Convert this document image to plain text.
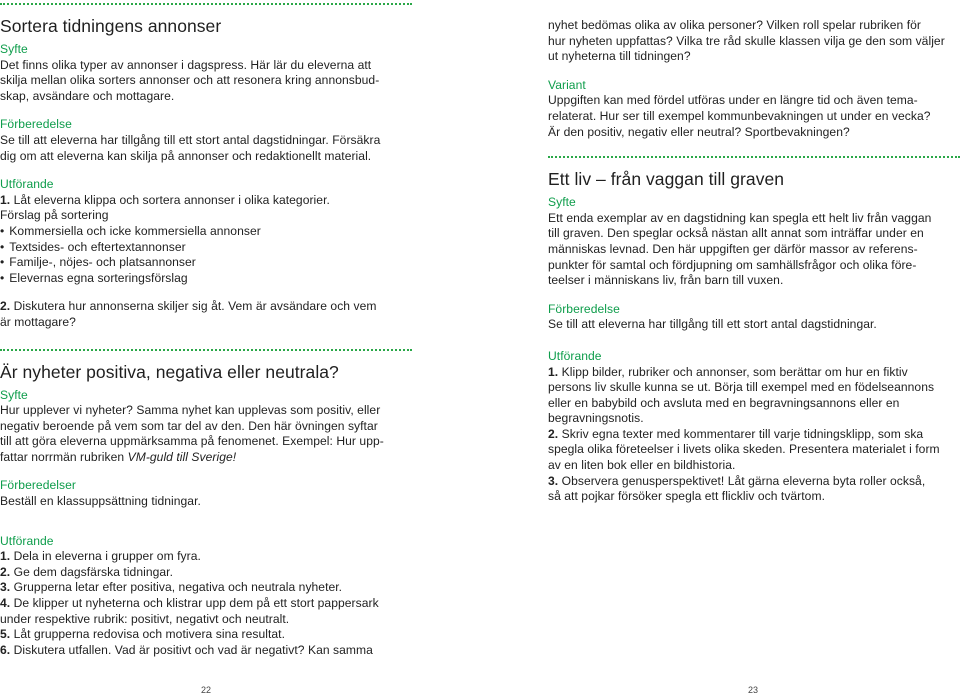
Sortera tidningens annonser
Syfte
Det finns olika typer av annonser i dagspress. Här lär du eleverna att
skilja mellan olika sorters annonser och att resonera kring annonsbud-
skap, avsändare och mottagare.
Förberedelse
Se till att eleverna har tillgång till ett stort antal dagstidningar. Försäkra
dig om att eleverna kan skilja på annonser och redaktionellt material.
Utförande
1. Låt eleverna klippa och sortera annonser i olika kategorier.
Förslag på sortering
• Kommersiella och icke kommersiella annonser
• Textsides- och eftertextannonser
• Familje-, nöjes- och platsannonser
• Elevernas egna sorteringsförslag
2. Diskutera hur annonserna skiljer sig åt. Vem är avsändare och vem
är mottagare?
Är nyheter positiva, negativa eller neutrala?
Syfte
Hur upplever vi nyheter? Samma nyhet kan upplevas som positiv, eller
negativ beroende på vem som tar del av den. Den här övningen syftar
till att göra eleverna uppmärksamma på fenomenet. Exempel: Hur upp-
fattar norrmän rubriken VM-guld till Sverige!
Förberedelser
Beställ en klassuppsättning tidningar.
Utförande
1. Dela in eleverna i grupper om fyra.
2. Ge dem dagsfärska tidningar.
3. Grupperna letar efter positiva, negativa och neutrala nyheter.
4. De klipper ut nyheterna och klistrar upp dem på ett stort pappersark
under respektive rubrik: positivt, negativt och neutralt.
5. Låt grupperna redovisa och motivera sina resultat.
6. Diskutera utfallen. Vad är positivt och vad är negativt? Kan samma
nyhet bedömas olika av olika personer? Vilken roll spelar rubriken för
hur nyheten uppfattas? Vilka tre råd skulle klassen vilja ge den som väljer
ut nyheterna till tidningen?
Variant
Uppgiften kan med fördel utföras under en längre tid och även tema-
relaterat. Hur ser till exempel kommunbevakningen ut under en vecka?
Är den positiv, negativ eller neutral? Sportbevakningen?
Ett liv – från vaggan till graven
Syfte
Ett enda exemplar av en dagstidning kan spegla ett helt liv från vaggan
till graven. Den speglar också nästan allt annat som inträffar under en
människas levnad. Den här uppgiften ger därför massor av referens-
punkter för samtal och fördjupning om samhällsfrågor och olika före-
teelser i människans liv, från barn till vuxen.
Förberedelse
Se till att eleverna har tillgång till ett stort antal dagstidningar.
Utförande
1. Klipp bilder, rubriker och annonser, som berättar om hur en fiktiv
persons liv skulle kunna se ut. Börja till exempel med en födelseannons
eller en babybild och avsluta med en begravningsannons eller en
begravningsnotis.
2. Skriv egna texter med kommentarer till varje tidningsklipp, som ska
spegla olika företeelser i livets olika skeden. Presentera materialet i form
av en liten bok eller en bildhistoria.
3. Observera genusperspektivet! Låt gärna eleverna byta roller också,
så att pojkar försöker spegla ett flickliv och tvärtom.
22	23
